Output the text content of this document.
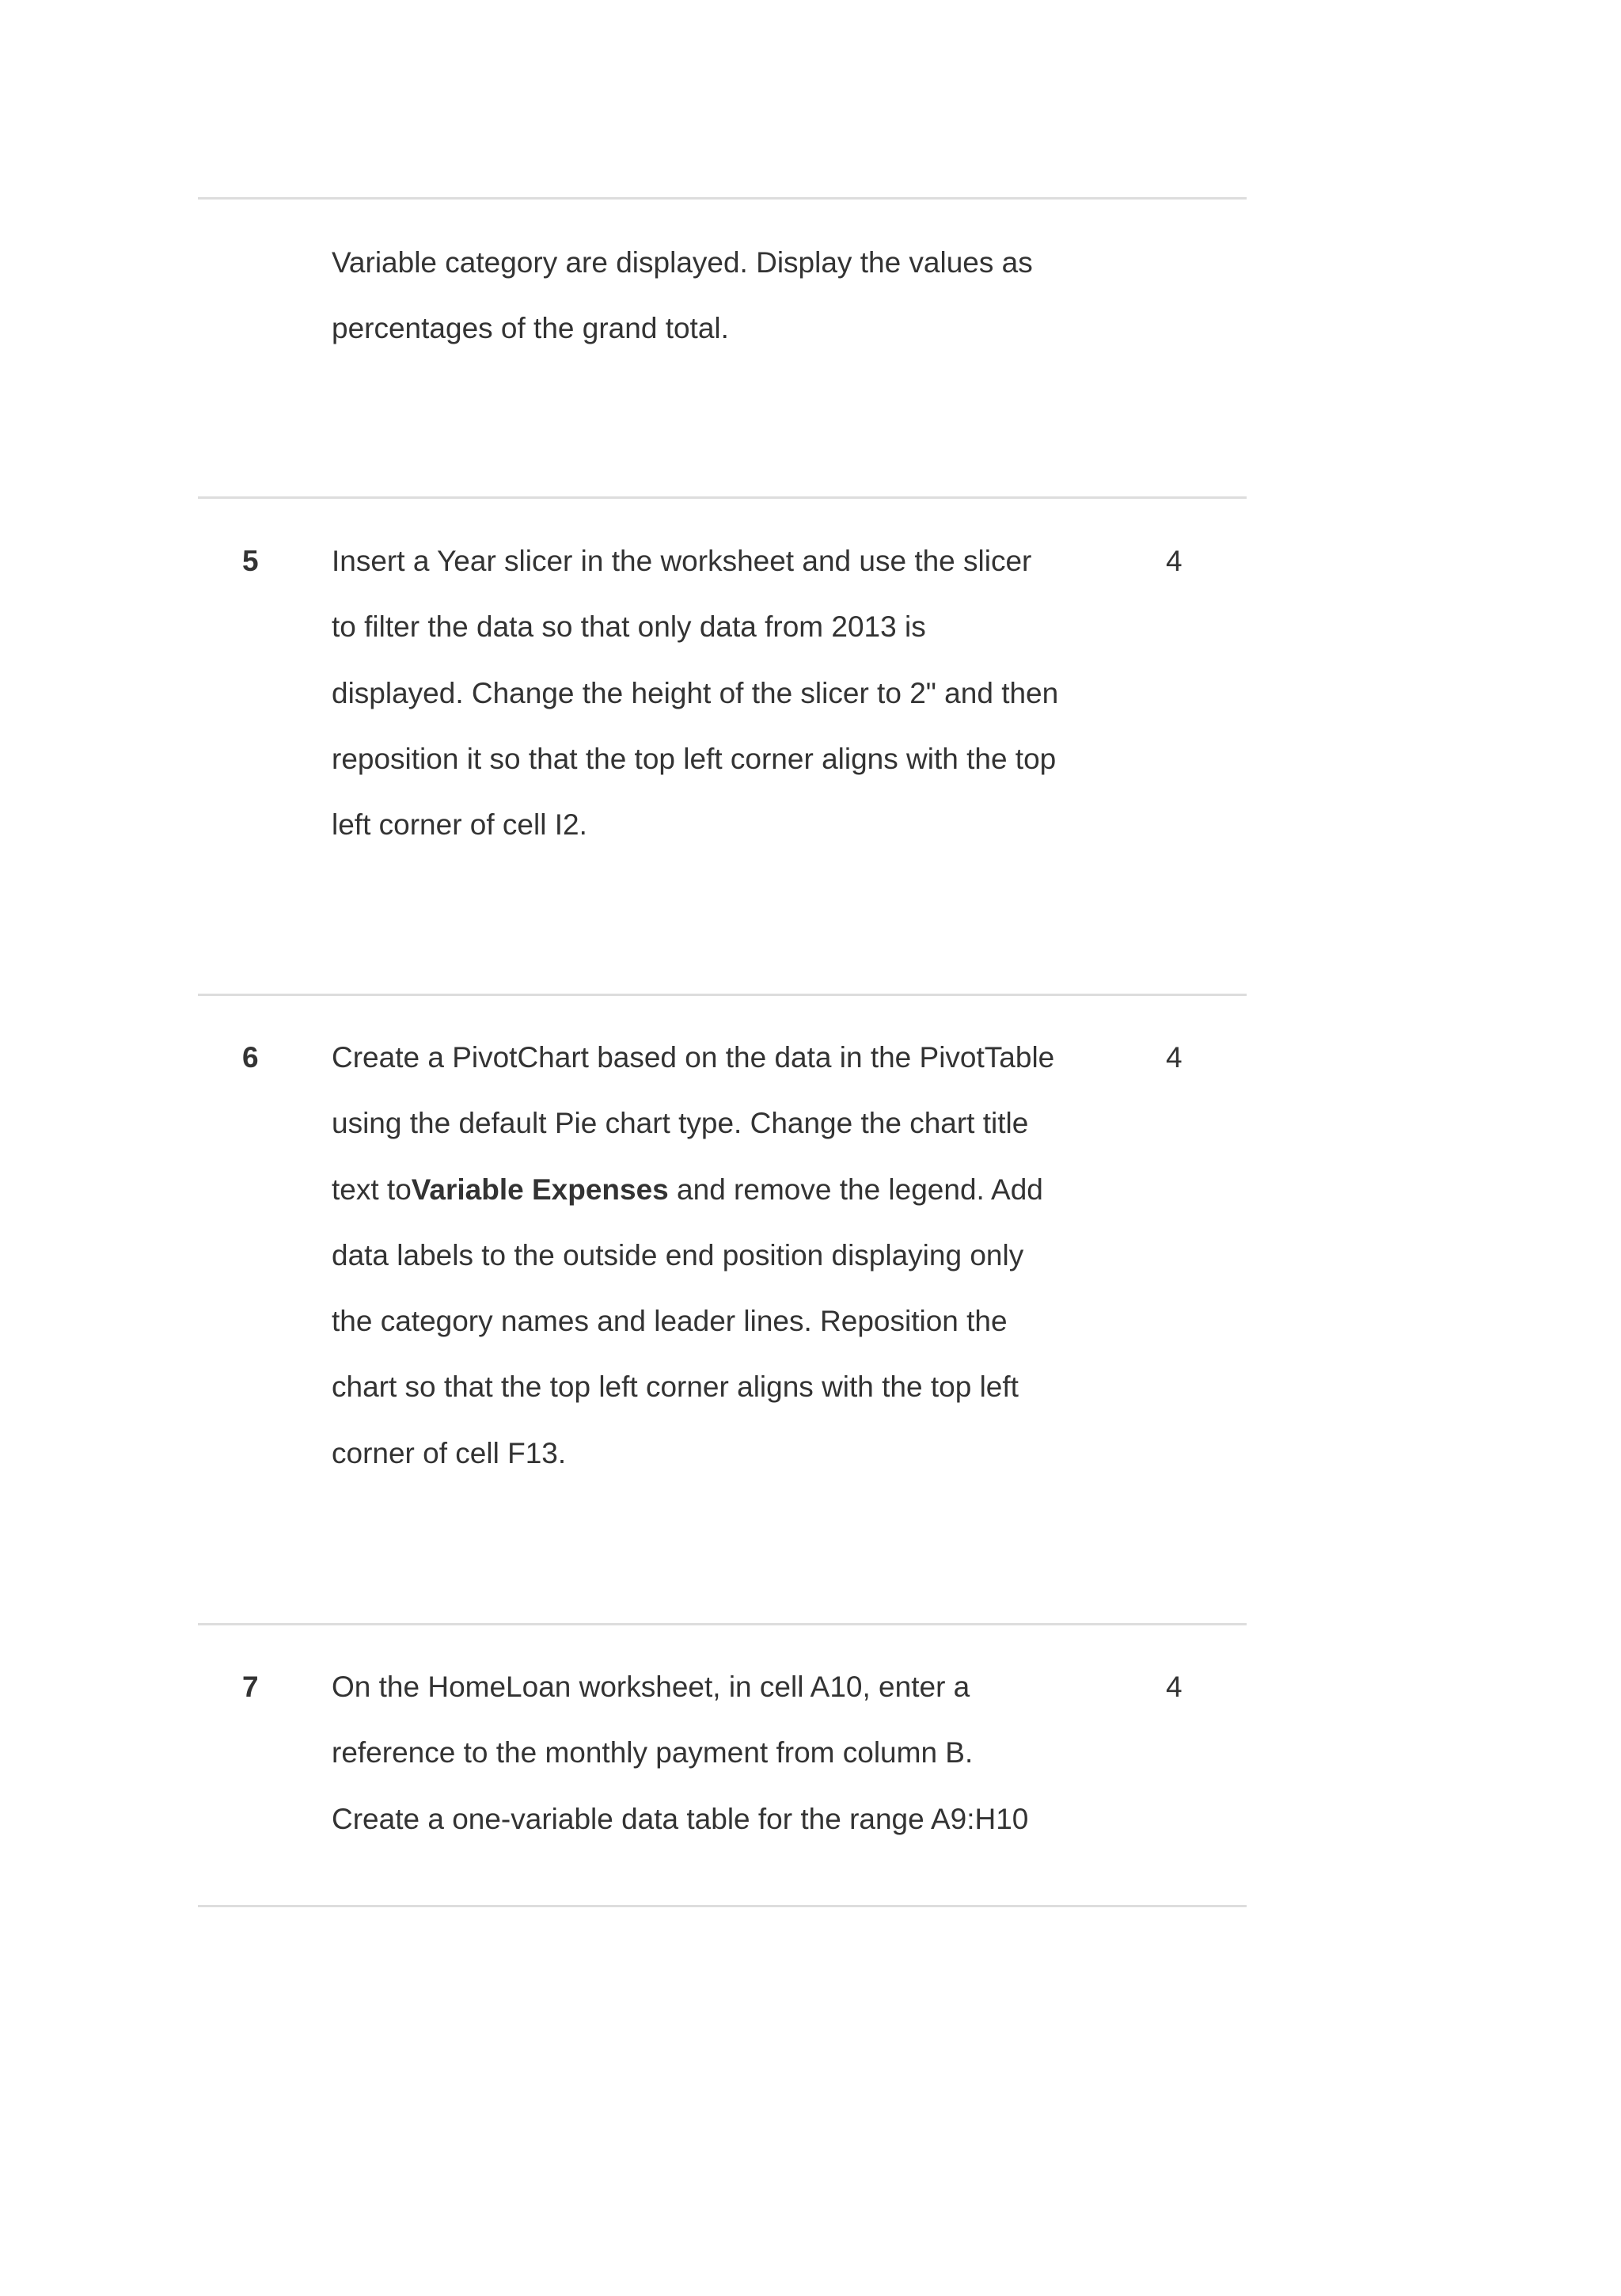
Variable category are displayed. Display the values as
percentages of the grand total.
5 Insert a Year slicer in the worksheet and use the slicer
to filter the data so that only data from 2013 is
displayed. Change the height of the slicer to 2" and then
reposition it so that the top left corner aligns with the top
left corner of cell I2.
4
6 Create a PivotChart based on the data in the PivotTable
using the default Pie chart type. Change the chart title
text toVariable Expenses and remove the legend. Add
data labels to the outside end position displaying only
the category names and leader lines. Reposition the
chart so that the top left corner aligns with the top left
corner of cell F13.
4
7 On the HomeLoan worksheet, in cell A10, enter a
reference to the monthly payment from column B.
Create a one-variable data table for the range A9:H10
4
